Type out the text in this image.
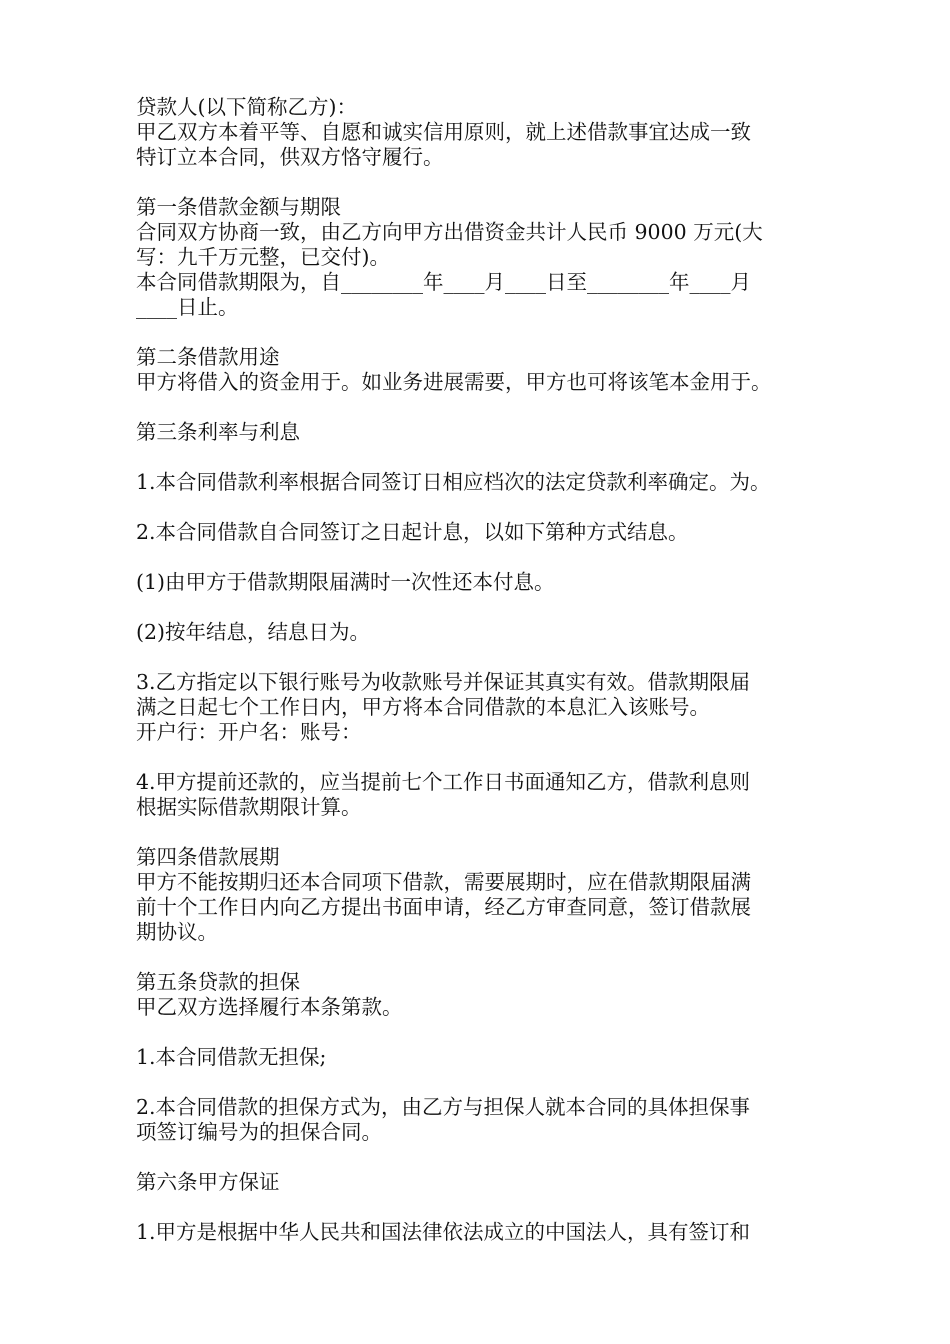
贷款人(以下简称乙方)：
甲乙双方本着平等、自愿和诚实信用原则，就上述借款事宜达成一致
特订立本合同，供双方恪守履行。
第一条借款金额与期限
合同双方协商一致，由乙方向甲方出借资金共计人民币 9000 万元(大
写：九千万元整，已交付)。
本合同借款期限为，自________年____月____日至________年____月
____日止。
第二条借款用途
甲方将借入的资金用于。如业务进展需要，甲方也可将该笔本金用于。
第三条利率与利息
1.本合同借款利率根据合同签订日相应档次的法定贷款利率确定。为。
2.本合同借款自合同签订之日起计息，以如下第种方式结息。
(1)由甲方于借款期限届满时一次性还本付息。
(2)按年结息，结息日为。
3.乙方指定以下银行账号为收款账号并保证其真实有效。借款期限届
满之日起七个工作日内，甲方将本合同借款的本息汇入该账号。
开户行：开户名：账号：
4.甲方提前还款的，应当提前七个工作日书面通知乙方，借款利息则
根据实际借款期限计算。
第四条借款展期
甲方不能按期归还本合同项下借款，需要展期时，应在借款期限届满
前十个工作日内向乙方提出书面申请，经乙方审查同意，签订借款展
期协议。
第五条贷款的担保
甲乙双方选择履行本条第款。
1.本合同借款无担保;
2.本合同借款的担保方式为，由乙方与担保人就本合同的具体担保事
项签订编号为的担保合同。
第六条甲方保证
1.甲方是根据中华人民共和国法律依法成立的中国法人，具有签订和
